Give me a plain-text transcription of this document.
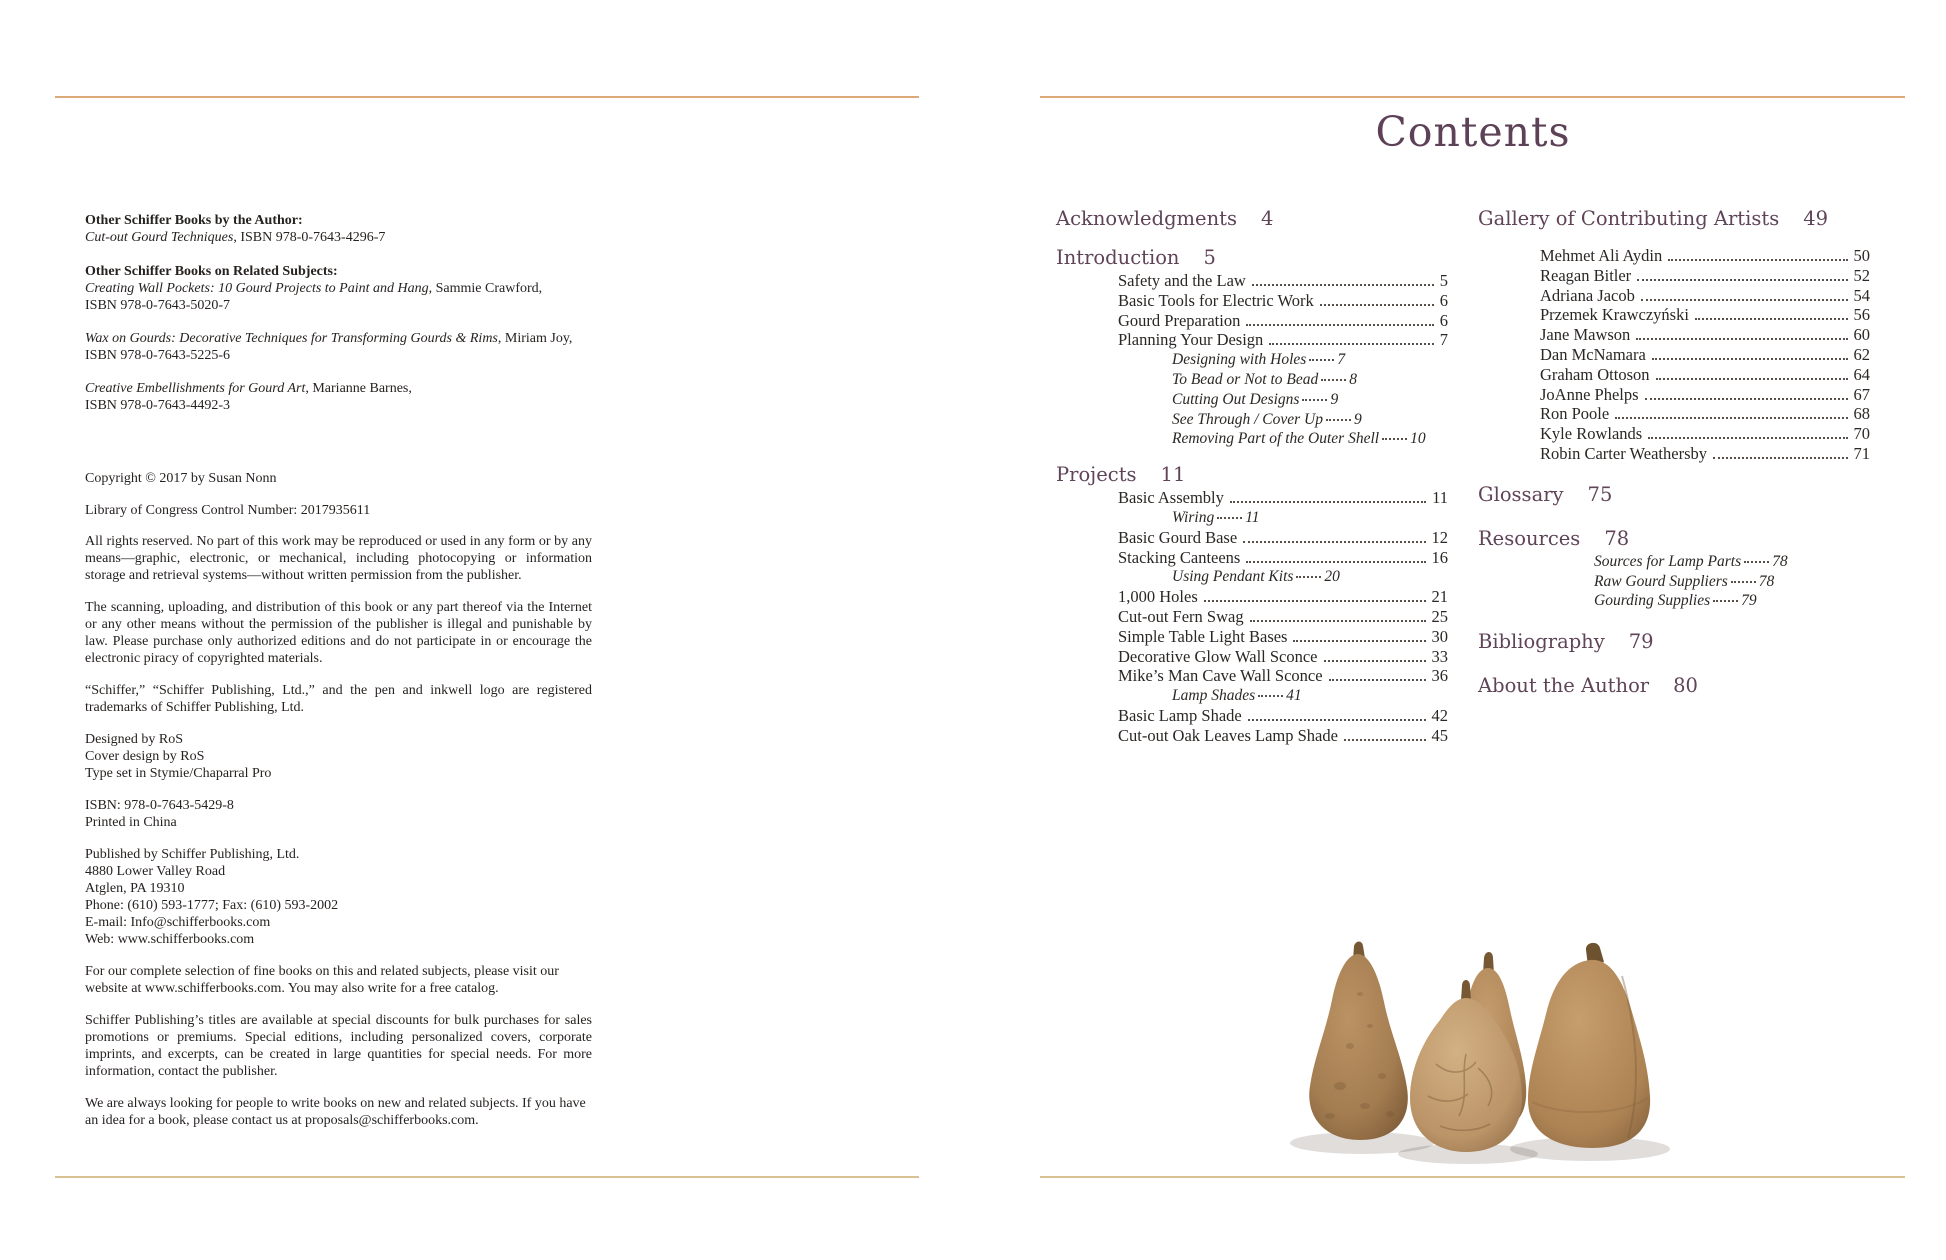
Other Schiffer Books by the Author:
Cut-out Gourd Techniques, ISBN 978-0-7643-4296-7

Other Schiffer Books on Related Subjects:
Creating Wall Pockets: 10 Gourd Projects to Paint and Hang, Sammie Crawford,
ISBN 978-0-7643-5020-7

Wax on Gourds: Decorative Techniques for Transforming Gourds & Rims, Miriam Joy,
ISBN 978-0-7643-5225-6

Creative Embellishments for Gourd Art, Marianne Barnes,
ISBN 978-0-7643-4492-3

Copyright © 2017 by Susan Nonn

Library of Congress Control Number: 2017935611

All rights reserved. No part of this work may be reproduced or used in any form or by any means—graphic, electronic, or mechanical, including photocopying or information storage and retrieval systems—without written permission from the publisher.

The scanning, uploading, and distribution of this book or any part thereof via the Internet or any other means without the permission of the publisher is illegal and punishable by law. Please purchase only authorized editions and do not participate in or encourage the electronic piracy of copyrighted materials.

“Schiffer,” “Schiffer Publishing, Ltd.,” and the pen and inkwell logo are registered trademarks of Schiffer Publishing, Ltd.

Designed by RoS
Cover design by RoS
Type set in Stymie/Chaparral Pro

ISBN: 978-0-7643-5429-8
Printed in China

Published by Schiffer Publishing, Ltd.
4880 Lower Valley Road
Atglen, PA 19310
Phone: (610) 593-1777; Fax: (610) 593-2002
E-mail: Info@schifferbooks.com
Web: www.schifferbooks.com

For our complete selection of fine books on this and related subjects, please visit our website at www.schifferbooks.com. You may also write for a free catalog.

Schiffer Publishing’s titles are available at special discounts for bulk purchases for sales promotions or premiums. Special editions, including personalized covers, corporate imprints, and excerpts, can be created in large quantities for special needs. For more information, contact the publisher.

We are always looking for people to write books on new and related subjects. If you have an idea for a book, please contact us at proposals@schifferbooks.com.

Contents
Acknowledgments 4
Introduction 5
Safety and the Law	5
Basic Tools for Electric Work	6
Gourd Preparation	6
Planning Your Design	7
Designing with Holes 7
To Bead or Not to Bead 8
Cutting Out Designs 9
See Through / Cover Up 9
Removing Part of the Outer Shell 10
Projects 11
Basic Assembly	11
Wiring 11
Basic Gourd Base	12
Stacking Canteens	16
Using Pendant Kits 20
1,000 Holes	21
Cut-out Fern Swag	25
Simple Table Light Bases	30
Decorative Glow Wall Sconce	33
Mike’s Man Cave Wall Sconce	36
Lamp Shades 41
Basic Lamp Shade	42
Cut-out Oak Leaves Lamp Shade	45
Gallery of Contributing Artists 49
Mehmet Ali Aydin	50
Reagan Bitler	52
Adriana Jacob	54
Przemek Krawczyński	56
Jane Mawson	60
Dan McNamara	62
Graham Ottoson	64
JoAnne Phelps	67
Ron Poole	68
Kyle Rowlands	70
Robin Carter Weathersby	71
Glossary 75
Resources 78
Sources for Lamp Parts 78
Raw Gourd Suppliers 78
Gourding Supplies 79
Bibliography 79
About the Author 80
